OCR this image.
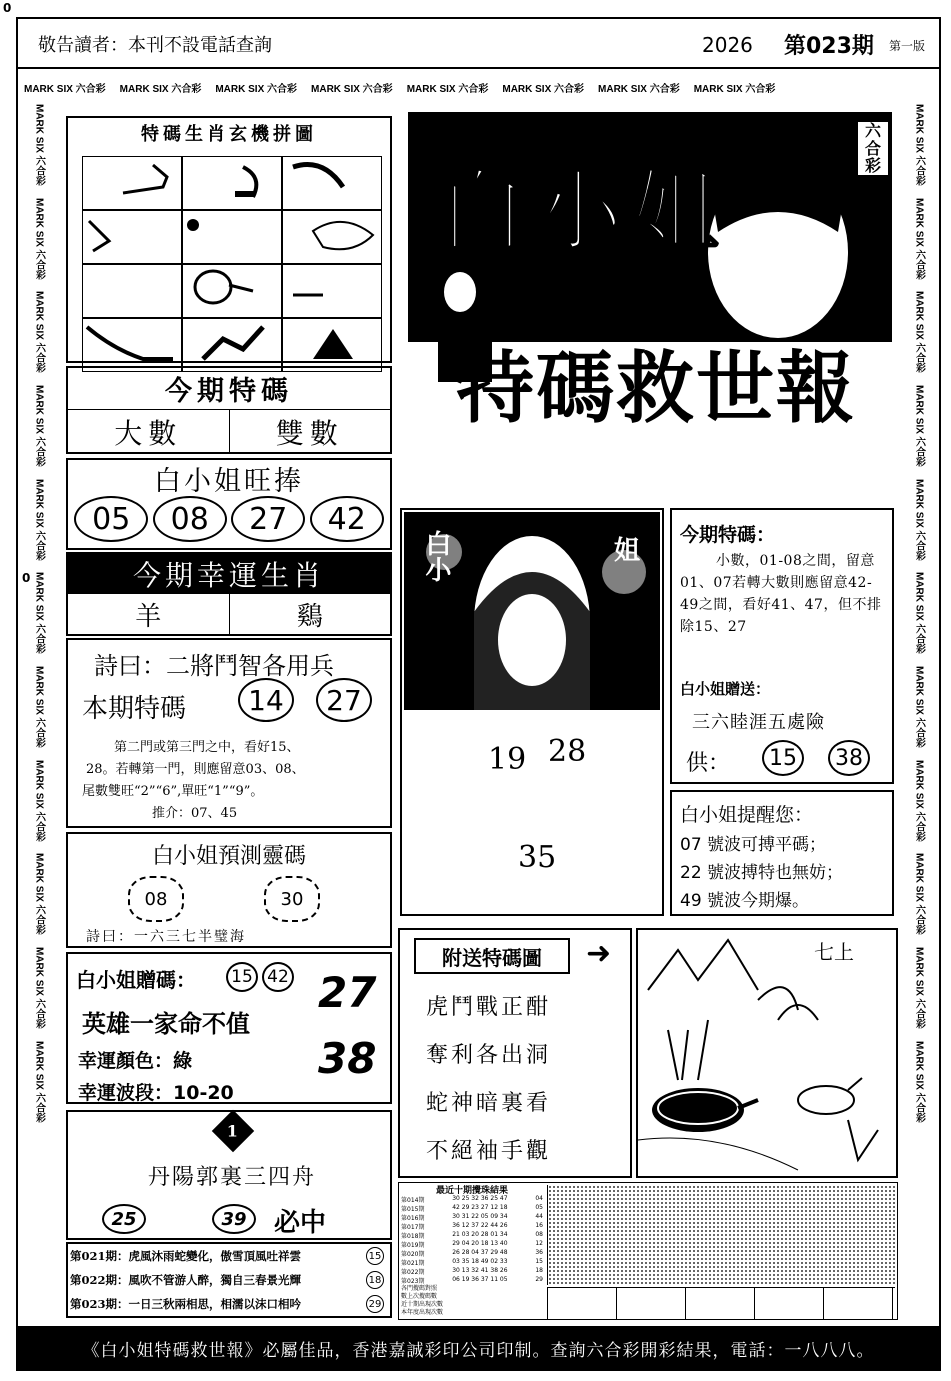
0
0
敬告讀者：本刊不設電話查詢	2026 第023期 第一版
MARK SIX 六合彩 MARK SIX 六合彩 MARK SIX 六合彩 MARK SIX 六合彩 MARK SIX 六合彩 MARK SIX 六合彩 MARK SIX 六合彩 MARK SIX 六合彩
MARK SIX 六合彩
MARK SIX 六合彩
MARK SIX 六合彩
MARK SIX 六合彩
MARK SIX 六合彩
MARK SIX 六合彩
MARK SIX 六合彩
MARK SIX 六合彩
MARK SIX 六合彩
MARK SIX 六合彩
MARK SIX 六合彩
MARK SIX 六合彩
MARK SIX 六合彩
MARK SIX 六合彩
MARK SIX 六合彩
MARK SIX 六合彩
MARK SIX 六合彩
MARK SIX 六合彩
MARK SIX 六合彩
MARK SIX 六合彩
MARK SIX 六合彩
MARK SIX 六合彩
特碼生肖玄機拼圖
今期特碼
大數	雙數
白小姐旺捧
05	08	27	42
今期幸運生肖
羊	鷄
詩曰：二將鬥智各用兵
本期特碼	14	27
第二門或第三門之中，看好15、
28。若轉第一門，則應留意03、08、
尾數雙旺“2”“6”,單旺“1”“9”。
推介：07、45
白小姐預測靈碼
08	30
詩曰：一六三七半璧海
白小姐贈碼：	15 42
英雄一家命不值
幸運顏色：綠
幸運波段：10-20
27
38
1
丹陽郭裏三四舟
25	39	必中
第021期：虎風沐雨蛇變化，傲雪頂風吐祥雲	15
第022期：風吹不管游人醉，獨自三春景光輝	18
第023期：一日三秋兩相思，相濡以沫口相吟	29
六合彩
白小姐
特碼救世報
白小	姐
期
19 28
35
今期特碼：
小數，01-08之間，留意01、07若轉大數則應留意42-49之間，看好41、47，但不排除15、27
白小姐贈送：
三六睦涯五處險
供：	15	38
白小姐提醒您：
07 號波可搏平碼；
22 號波搏特也無妨；
49 號波今期爆。
附送特碼圖	➜
虎鬥戰正酣
奪利各出洞
蛇神暗裏看
不絕袖手觀
七上
最近十期攪珠結果
第014期	30 25 32 36 25 47	04
第015期	42 29 23 27 12 18	05
第016期	30 31 22 05 09 34	44
第017期	36 12 37 22 44 26	16
第018期	21 03 20 28 01 34	08
第019期	29 04 20 18 13 40	12
第020期	26 28 04 37 29 48	36
第021期	03 35 18 49 02 33	15
第022期	30 13 32 41 38 26	18
第023期	06 19 36 37 11 05	29
各門攪碼對照
數上次攪碼數
近十期出現次數
本年度出現次數
《白小姐特碼救世報》必屬佳品，香港嘉誠彩印公司印制。查詢六合彩開彩結果，電話：一八八八。
